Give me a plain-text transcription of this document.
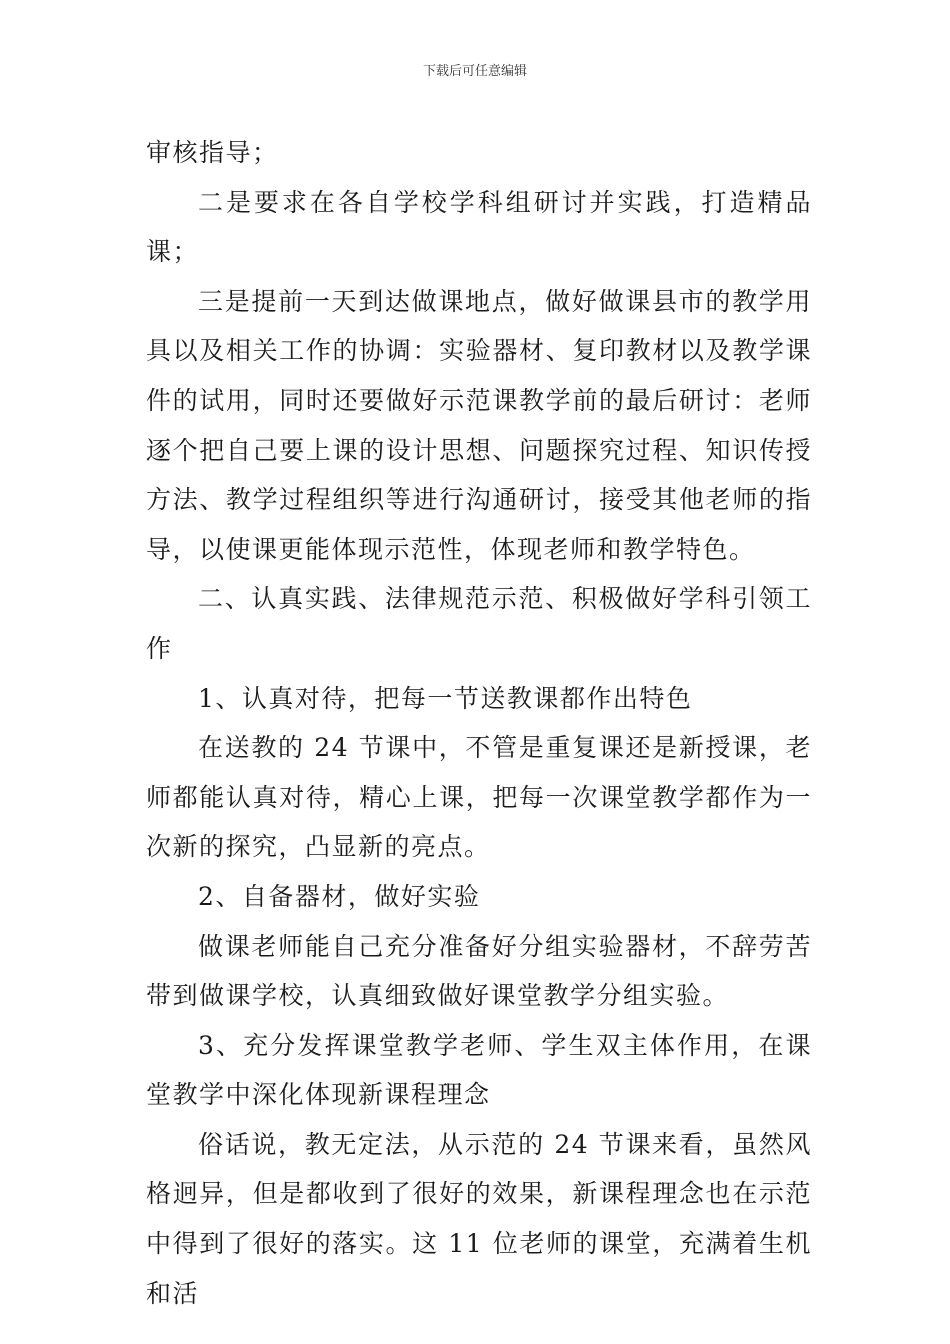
下载后可任意编辑

审核指导；

二是要求在各自学校学科组研讨并实践，打造精品课；

三是提前一天到达做课地点，做好做课县市的教学用具以及相关工作的协调：实验器材、复印教材以及教学课件的试用，同时还要做好示范课教学前的最后研讨：老师逐个把自己要上课的设计思想、问题探究过程、知识传授方法、教学过程组织等进行沟通研讨，接受其他老师的指导，以使课更能体现示范性，体现老师和教学特色。

二、认真实践、法律规范示范、积极做好学科引领工作

1、认真对待，把每一节送教课都作出特色

在送教的 24 节课中，不管是重复课还是新授课，老师都能认真对待，精心上课，把每一次课堂教学都作为一次新的探究，凸显新的亮点。

2、自备器材，做好实验

做课老师能自己充分准备好分组实验器材，不辞劳苦带到做课学校，认真细致做好课堂教学分组实验。

3、充分发挥课堂教学老师、学生双主体作用，在课堂教学中深化体现新课程理念

俗话说，教无定法，从示范的 24 节课来看，虽然风格迥异，但是都收到了很好的效果，新课程理念也在示范中得到了很好的落实。这 11 位老师的课堂，充满着生机和活
